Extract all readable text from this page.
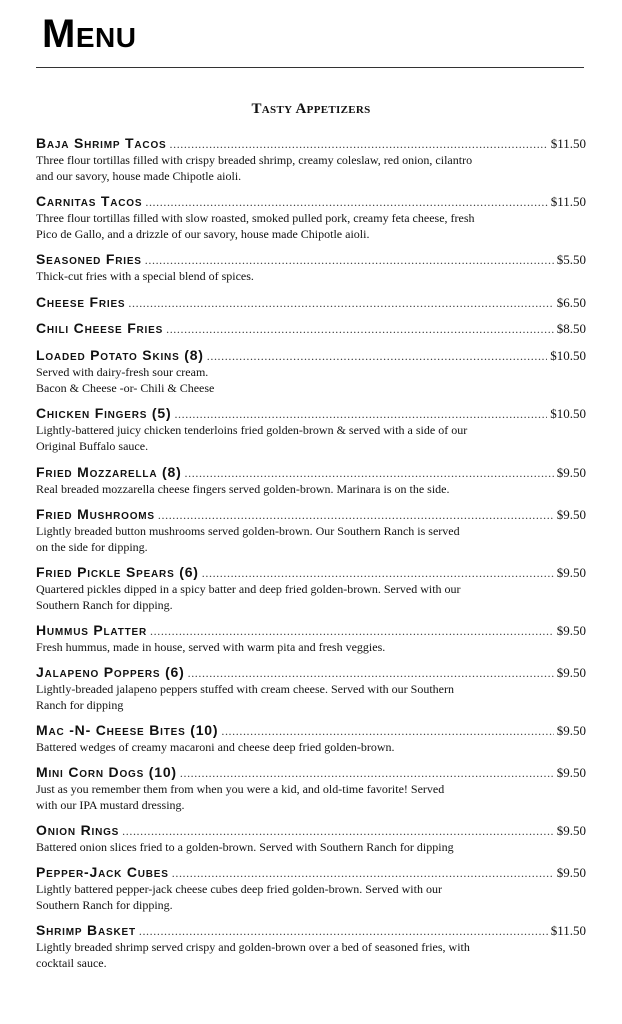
Menu
Tasty Appetizers
Baja Shrimp Tacos .....	$11.50
Three flour tortillas filled with crispy breaded shrimp, creamy coleslaw, red onion, cilantro
and our savory, house made Chipotle aioli.
Carnitas Tacos .....	$11.50
Three flour tortillas filled with slow roasted, smoked pulled pork, creamy feta cheese, fresh
Pico de Gallo, and a drizzle of our savory, house made Chipotle aioli.
Seasoned Fries .....	$5.50
Thick-cut fries with a special blend of spices.
Cheese Fries .....	$6.50
Chili Cheese Fries .....	$8.50
Loaded Potato Skins (8) .....	$10.50
Served with dairy-fresh sour cream.
Bacon & Cheese -or- Chili & Cheese
Chicken Fingers (5) .....	$10.50
Lightly-battered juicy chicken tenderloins fried golden-brown & served with a side of our
Original Buffalo sauce.
Fried Mozzarella (8) .....	$9.50
Real breaded mozzarella cheese fingers served golden-brown. Marinara is on the side.
Fried Mushrooms .....	$9.50
Lightly breaded button mushrooms served golden-brown. Our Southern Ranch is served
on the side for dipping.
Fried Pickle Spears (6) .....	$9.50
Quartered pickles dipped in a spicy batter and deep fried golden-brown. Served with our
Southern Ranch for dipping.
Hummus Platter .....	$9.50
Fresh hummus, made in house, served with warm pita and fresh veggies.
Jalapeno Poppers (6) .....	$9.50
Lightly-breaded jalapeno peppers stuffed with cream cheese. Served with our Southern
Ranch for dipping
Mac -N- Cheese Bites (10) .....	$9.50
Battered wedges of creamy macaroni and cheese deep fried golden-brown.
Mini Corn Dogs (10) .....	$9.50
Just as you remember them from when you were a kid, and old-time favorite! Served
with our IPA mustard dressing.
Onion Rings .....	$9.50
Battered onion slices fried to a golden-brown. Served with Southern Ranch for dipping
Pepper-Jack Cubes .....	$9.50
Lightly battered pepper-jack cheese cubes deep fried golden-brown. Served with our
Southern Ranch for dipping.
Shrimp Basket .....	$11.50
Lightly breaded shrimp served crispy and golden-brown over a bed of seasoned fries, with
cocktail sauce.
